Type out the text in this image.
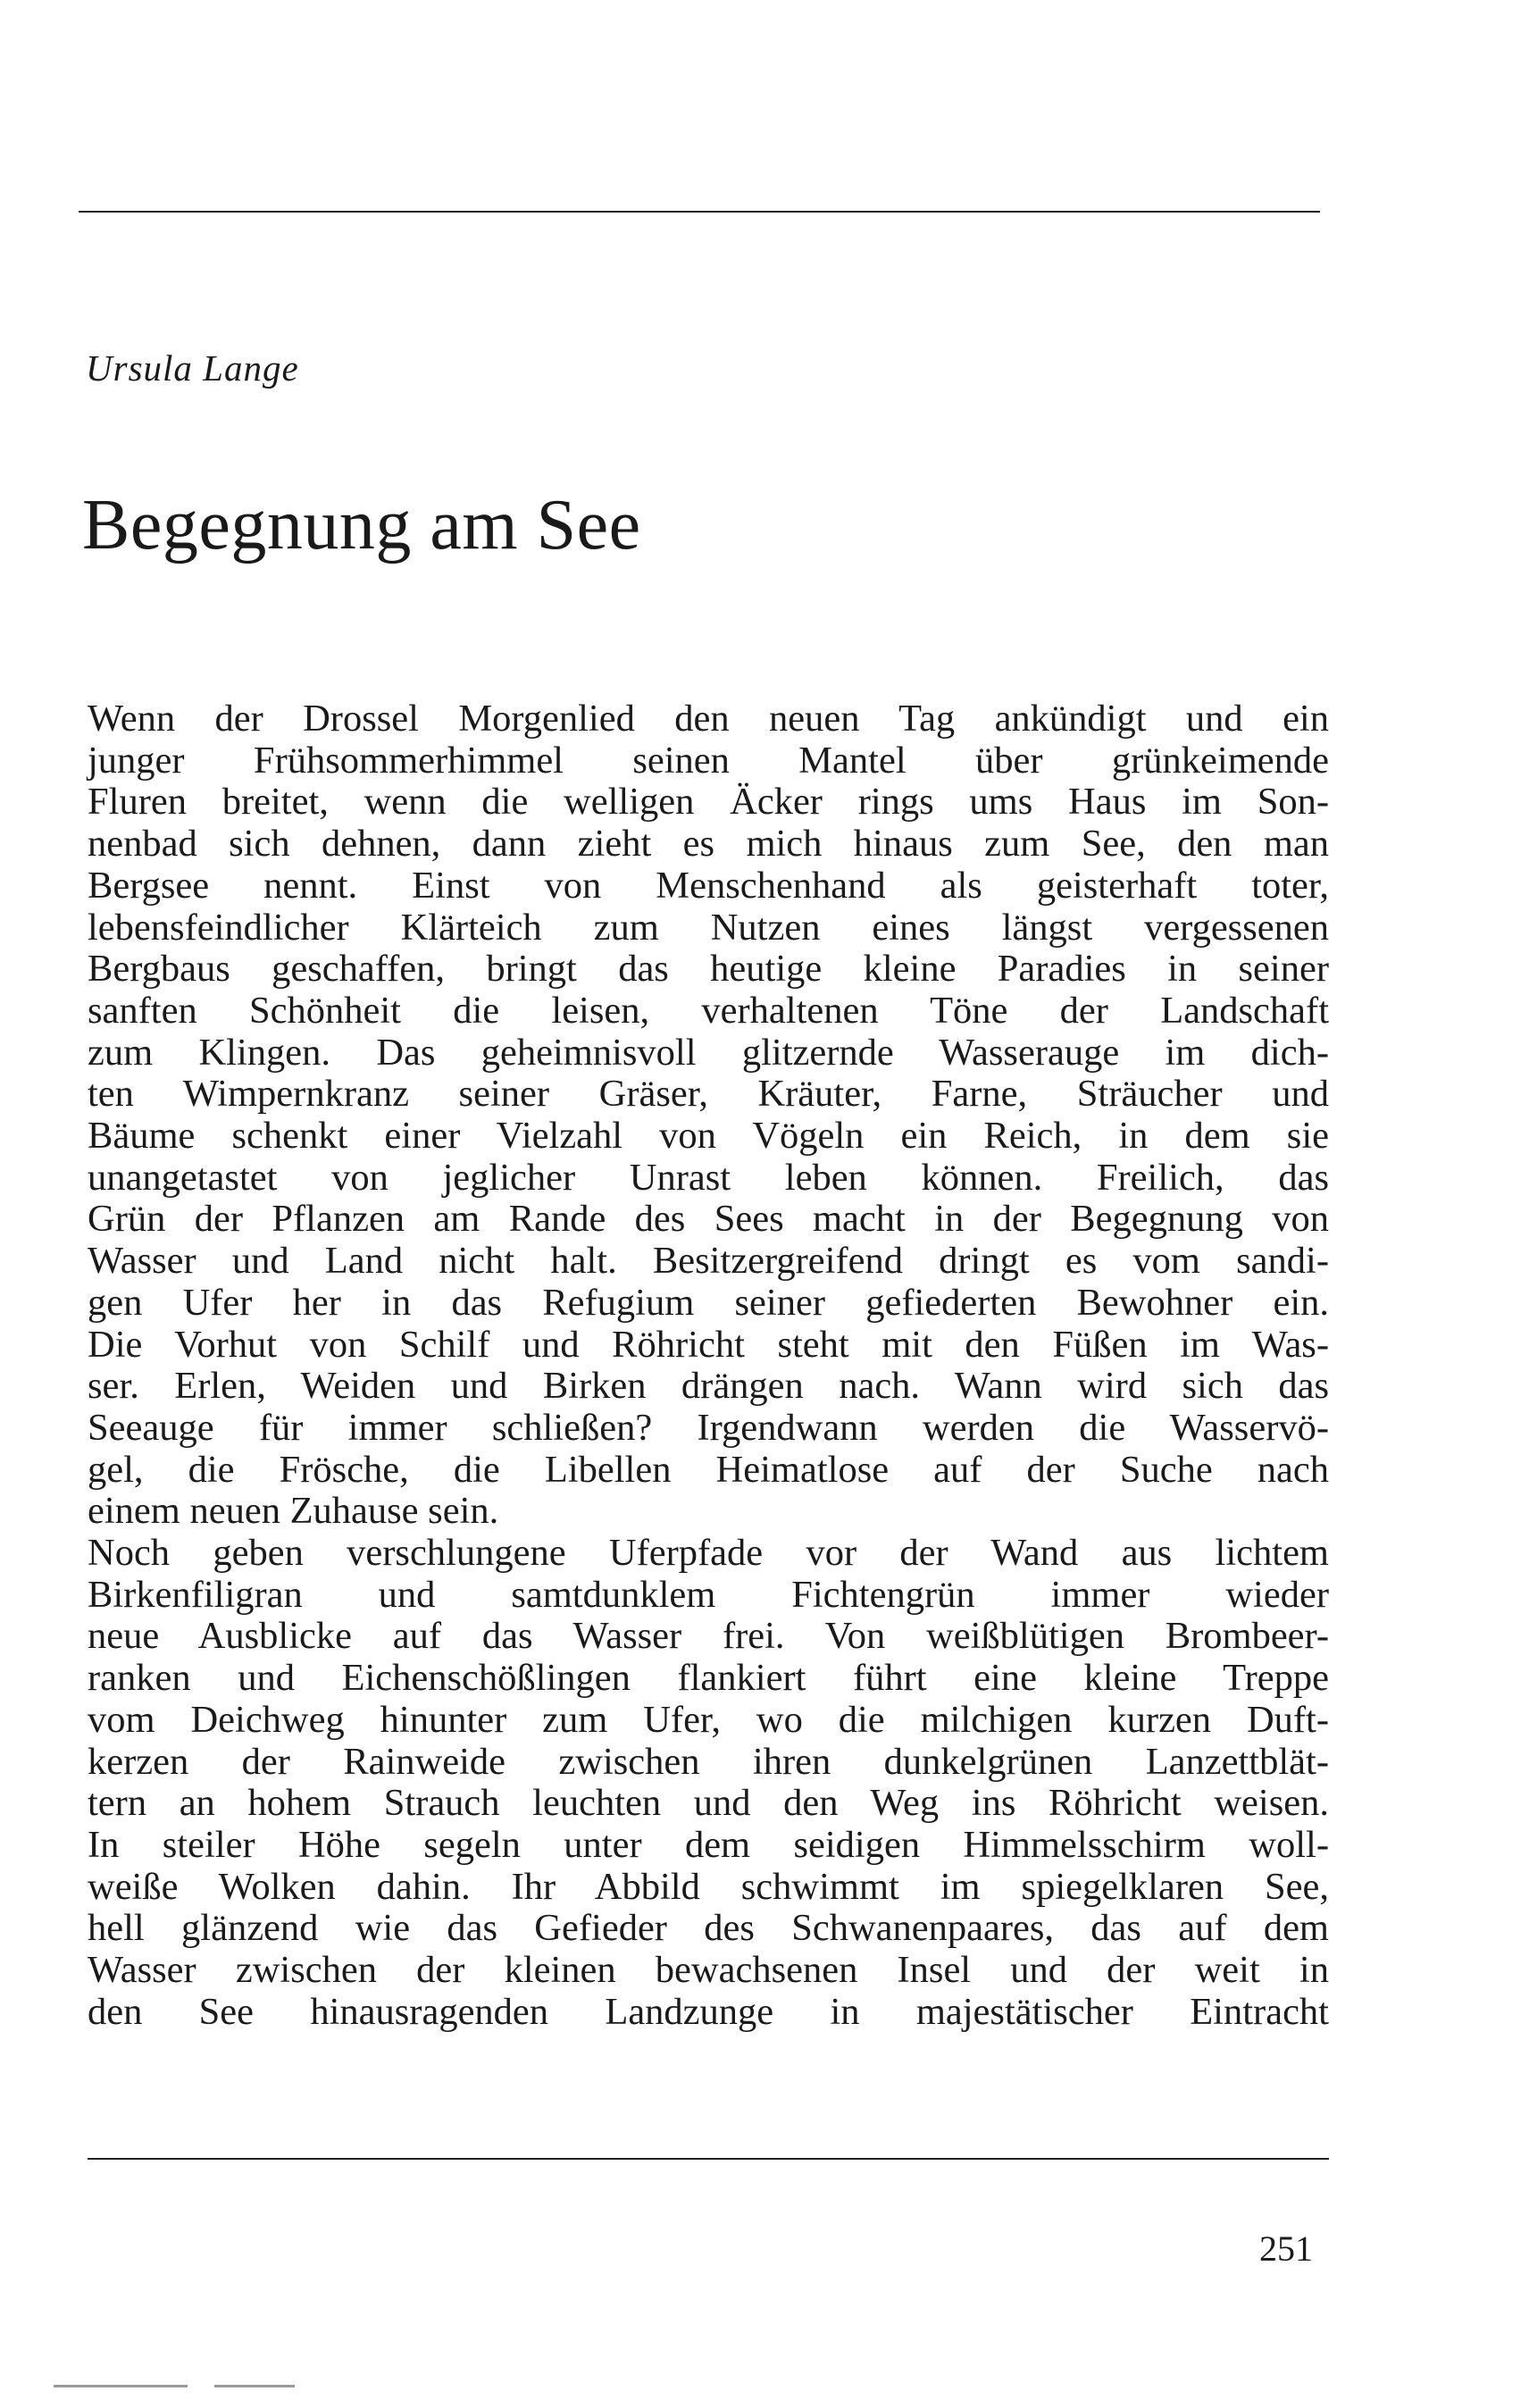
Ursula Lange
Begegnung am See
Wenn der Drossel Morgenlied den neuen Tag ankündigt und ein
junger Frühsommerhimmel seinen Mantel über grünkeimende
Fluren breitet, wenn die welligen Äcker rings ums Haus im Son-
nenbad sich dehnen, dann zieht es mich hinaus zum See, den man
Bergsee nennt. Einst von Menschenhand als geisterhaft toter,
lebensfeindlicher Klärteich zum Nutzen eines längst vergessenen
Bergbaus geschaffen, bringt das heutige kleine Paradies in seiner
sanften Schönheit die leisen, verhaltenen Töne der Landschaft
zum Klingen. Das geheimnisvoll glitzernde Wasserauge im dich-
ten Wimpernkranz seiner Gräser, Kräuter, Farne, Sträucher und
Bäume schenkt einer Vielzahl von Vögeln ein Reich, in dem sie
unangetastet von jeglicher Unrast leben können. Freilich, das
Grün der Pflanzen am Rande des Sees macht in der Begegnung von
Wasser und Land nicht halt. Besitzergreifend dringt es vom sandi-
gen Ufer her in das Refugium seiner gefiederten Bewohner ein.
Die Vorhut von Schilf und Röhricht steht mit den Füßen im Was-
ser. Erlen, Weiden und Birken drängen nach. Wann wird sich das
Seeauge für immer schließen? Irgendwann werden die Wasservö-
gel, die Frösche, die Libellen Heimatlose auf der Suche nach
einem neuen Zuhause sein.
Noch geben verschlungene Uferpfade vor der Wand aus lichtem
Birkenfiligran und samtdunklem Fichtengrün immer wieder
neue Ausblicke auf das Wasser frei. Von weißblütigen Brombeer-
ranken und Eichenschößlingen flankiert führt eine kleine Treppe
vom Deichweg hinunter zum Ufer, wo die milchigen kurzen Duft-
kerzen der Rainweide zwischen ihren dunkelgrünen Lanzettblät-
tern an hohem Strauch leuchten und den Weg ins Röhricht weisen.
In steiler Höhe segeln unter dem seidigen Himmelsschirm woll-
weiße Wolken dahin. Ihr Abbild schwimmt im spiegelklaren See,
hell glänzend wie das Gefieder des Schwanenpaares, das auf dem
Wasser zwischen der kleinen bewachsenen Insel und der weit in
den See hinausragenden Landzunge in majestätischer Eintracht
251
